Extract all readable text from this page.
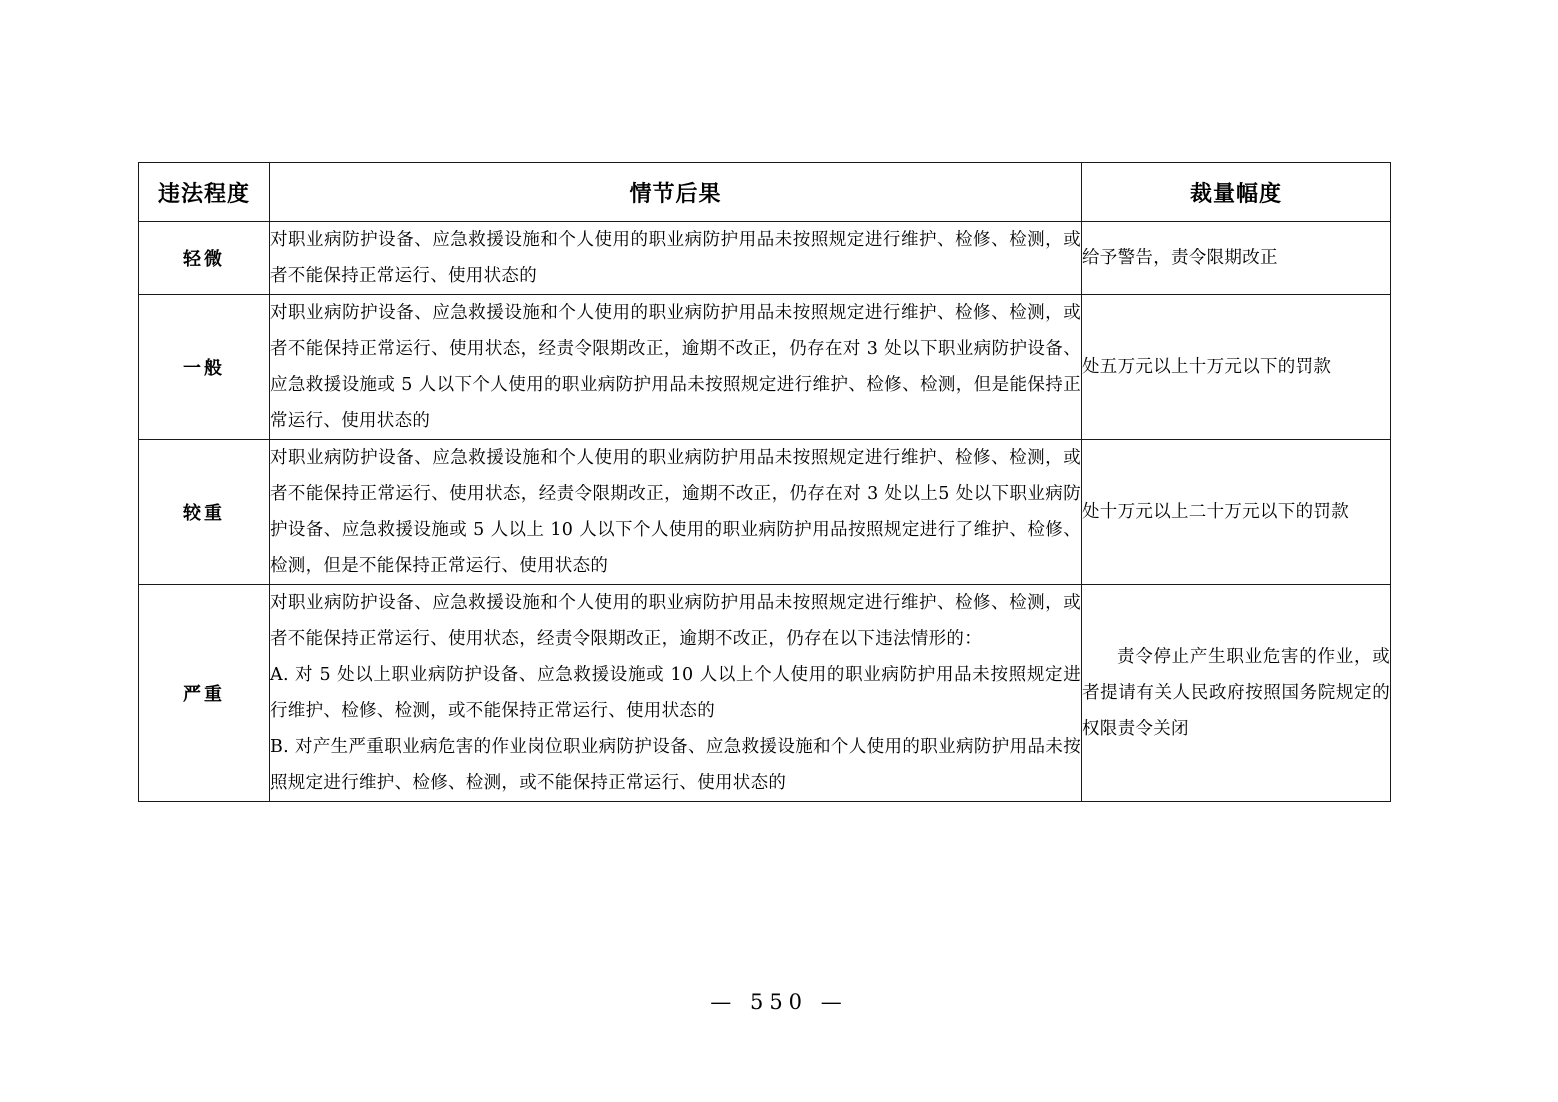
违法程度	情节后果	裁量幅度
轻微	对职业病防护设备、应急救援设施和个人使用的职业病防护用品未按照规定进行维护、检修、检测，或者不能保持正常运行、使用状态的	给予警告，责令限期改正
一般	对职业病防护设备、应急救援设施和个人使用的职业病防护用品未按照规定进行维护、检修、检测，或者不能保持正常运行、使用状态，经责令限期改正，逾期不改正，仍存在对 3 处以下职业病防护设备、应急救援设施或 5 人以下个人使用的职业病防护用品未按照规定进行维护、检修、检测，但是能保持正常运行、使用状态的	处五万元以上十万元以下的罚款
较重	对职业病防护设备、应急救援设施和个人使用的职业病防护用品未按照规定进行维护、检修、检测，或者不能保持正常运行、使用状态，经责令限期改正，逾期不改正，仍存在对 3 处以上5 处以下职业病防护设备、应急救援设施或 5 人以上 10 人以下个人使用的职业病防护用品按照规定进行了维护、检修、检测，但是不能保持正常运行、使用状态的	处十万元以上二十万元以下的罚款
严重	对职业病防护设备、应急救援设施和个人使用的职业病防护用品未按照规定进行维护、检修、检测，或者不能保持正常运行、使用状态，经责令限期改正，逾期不改正，仍存在以下违法情形的：

A. 对 5 处以上职业病防护设备、应急救援设施或 10 人以上个人使用的职业病防护用品未按照规定进行维护、检修、检测，或不能保持正常运行、使用状态的

B. 对产生严重职业病危害的作业岗位职业病防护设备、应急救援设施和个人使用的职业病防护用品未按照规定进行维护、检修、检测，或不能保持正常运行、使用状态的	责令停止产生职业危害的作业，或者提请有关人民政府按照国务院规定的权限责令关闭
— 550 —
